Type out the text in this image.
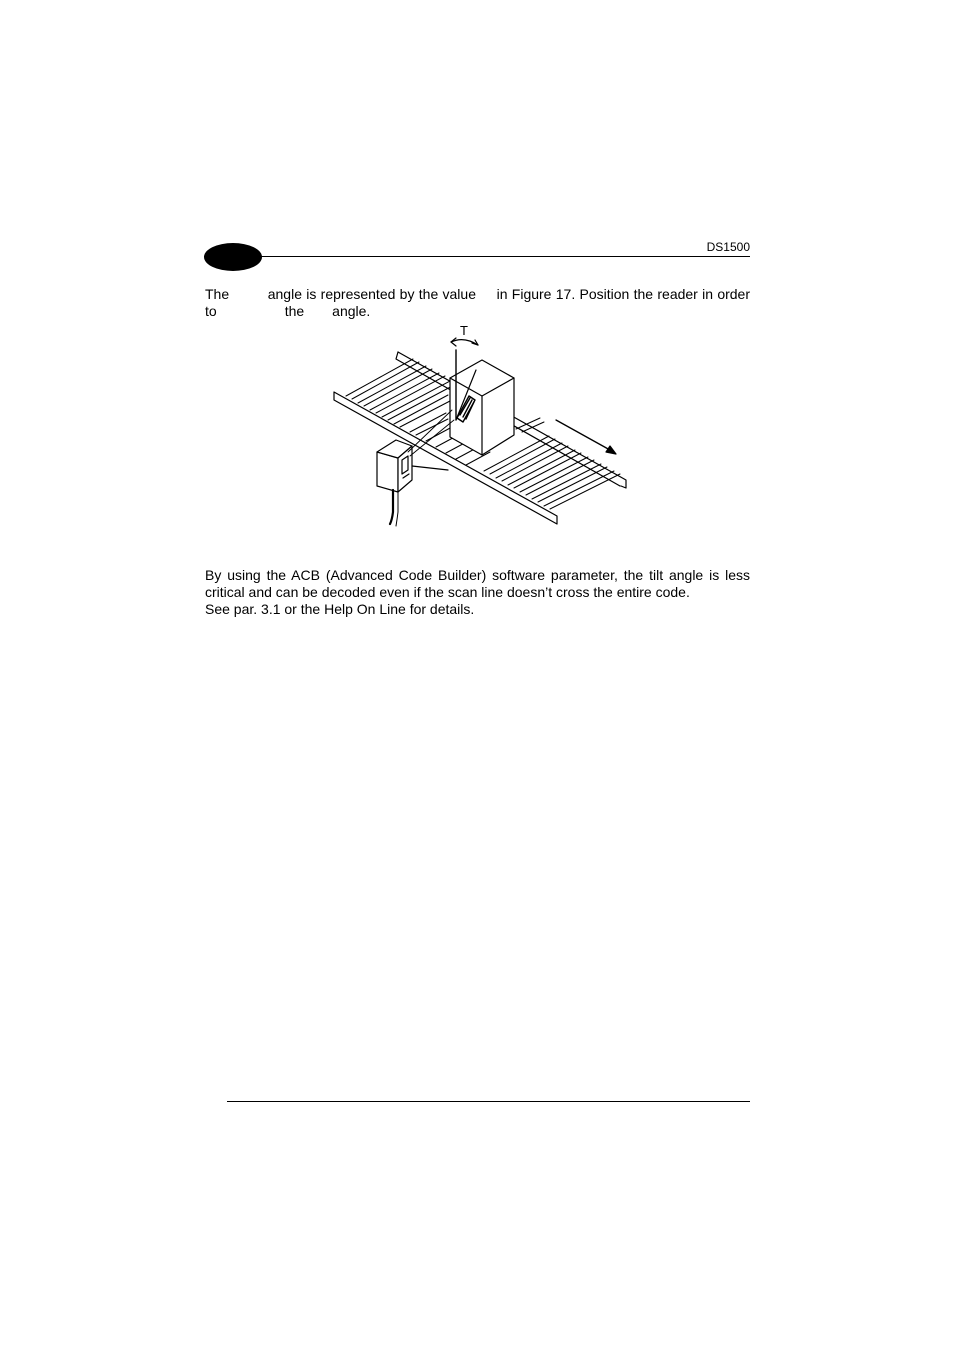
DS1500
The	angle is represented by the value in Figure 17. Position the reader in order
to	the angle.
T
By using the ACB (Advanced Code Builder) software parameter, the tilt angle is less
critical and can be decoded even if the scan line doesn’t cross the entire code.
See par. 3.1 or the Help On Line for details.
